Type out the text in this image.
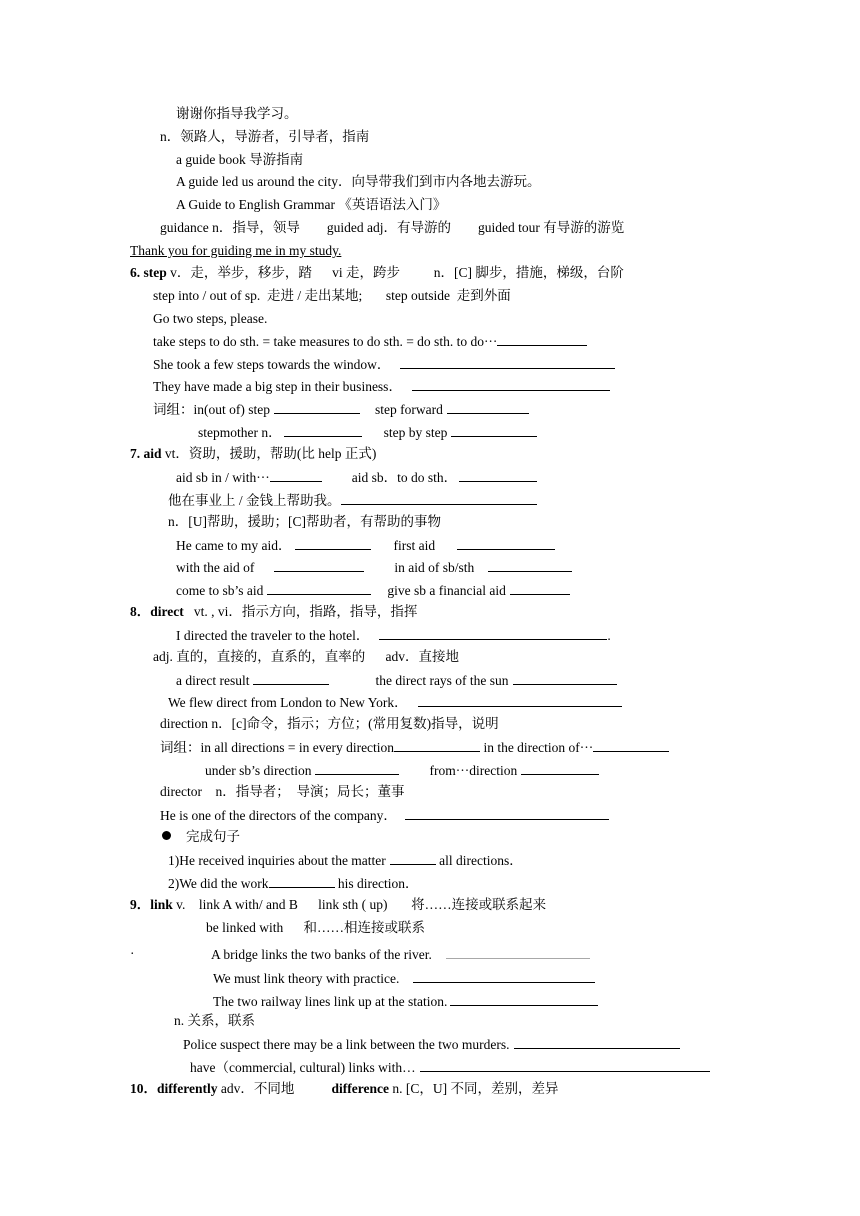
谢谢你指导我学习。
n．领路人，导游者，引导者，指南
a guide book 导游指南
A guide led us around the city．向导带我们到市内各地去游玩。
A Guide to English Grammar 《英语语法入门》
guidance n．指导，领导        guided adj．有导游的        guided tour 有导游的游览
Thank you for guiding me in my study.
6. step v．走，举步，移步，踏      vi 走，跨步          n．[C] 脚步，措施，梯级，台阶
step into / out of sp.  走进 / 走出某地;       step outside  走到外面
Go two steps, please.
take steps to do sth. = take measures to do sth. = do sth. to do···
She took a few steps towards the window．
They have made a big step in their business．
词组：in(out of) step	step forward
stepmother n．	step by step
7. aid vt．资助，援助，帮助(比 help 正式)
aid sb in / with···	aid sb．to do sth．
他在事业上 / 金钱上帮助我。
n．[U]帮助，援助；[C]帮助者，有帮助的事物
He came to my aid．	first aid
with the aid of	in aid of sb/sth
come to sb’s aid	give sb a financial aid
8．direct   vt. , vi．指示方向，指路，指导，指挥
I directed the traveler to the hotel．	.
adj. 直的，直接的，直系的，直率的      adv．直接地
a direct result	the direct rays of the sun
We flew direct from London to New York．
direction n．[c]命令，指示；方位；(常用复数)指导，说明
词组：in all directions = in every direction	in the direction of···
under sb’s direction	from···direction
director    n．指导者；  导演；局长；董事
He is one of the directors of the company．
完成句子
1)He received inquiries about the matter	all directions．
2)We did the work	his direction．
9．link v.    link A with/ and B      link sth ( up)       将……连接或联系起来
be linked with      和……相连接或联系
·	A bridge links the two banks of the river.
We must link theory with practice.
The two railway lines link up at the station.
n. 关系，联系
Police suspect there may be a link between the two murders.
have（commercial, cultural) links with…
10．differently adv．不同地           difference n. [C，U] 不同，差别，差异
